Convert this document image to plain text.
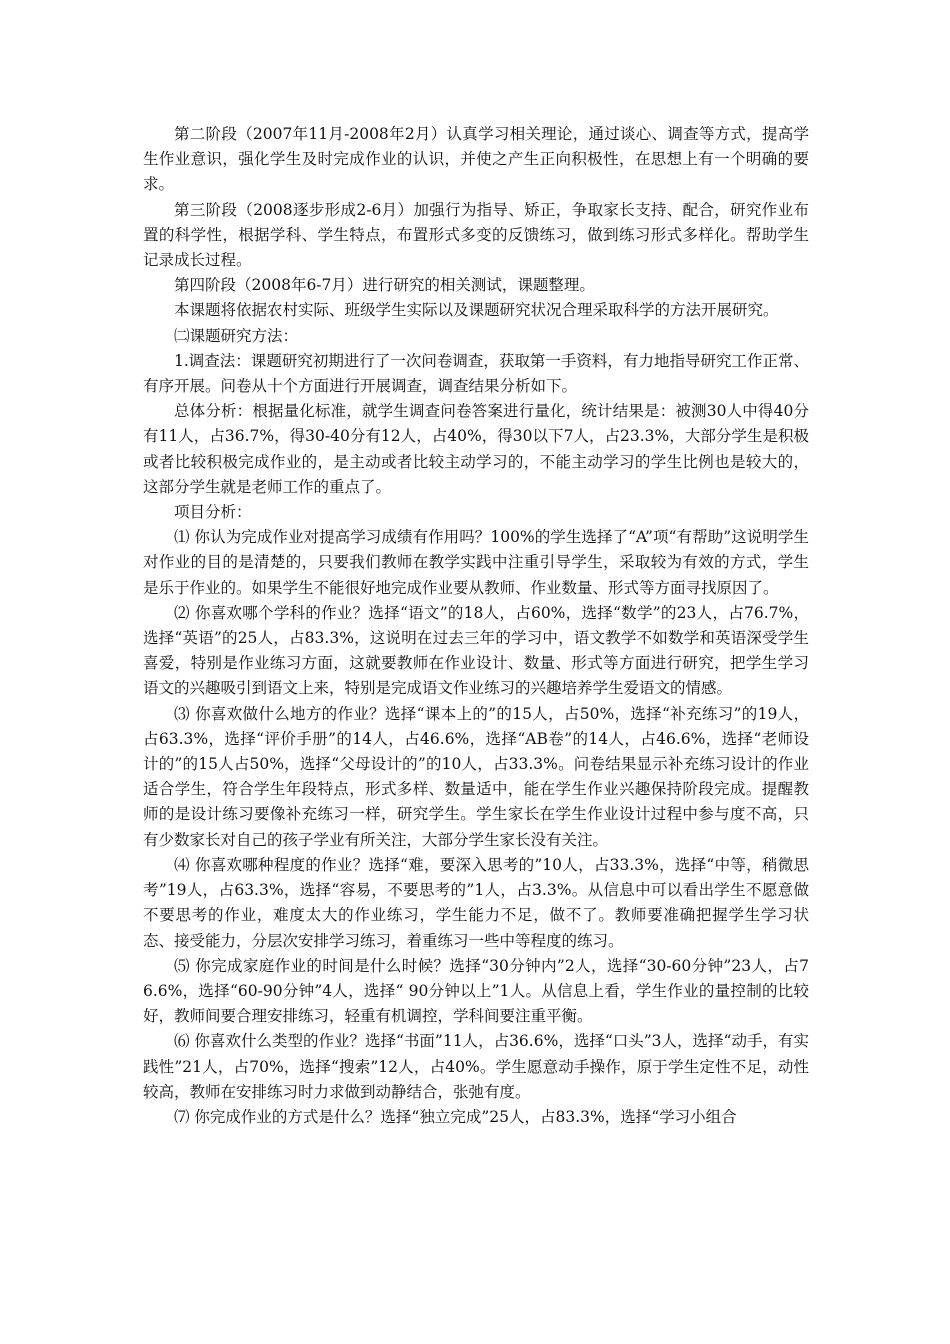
第二阶段（2007年11月-2008年2月）认真学习相关理论，通过谈心、调查等方式，提高学生作业意识，强化学生及时完成作业的认识，并使之产生正向积极性，在思想上有一个明确的要求。

第三阶段（2008逐步形成2-6月）加强行为指导、矫正，争取家长支持、配合，研究作业布置的科学性，根据学科、学生特点，布置形式多变的反馈练习，做到练习形式多样化。帮助学生记录成长过程。

第四阶段（2008年6-7月）进行研究的相关测试，课题整理。

本课题将依据农村实际、班级学生实际以及课题研究状况合理采取科学的方法开展研究。

㈡课题研究方法：

1.调查法：课题研究初期进行了一次问卷调查，获取第一手资料，有力地指导研究工作正常、有序开展。问卷从十个方面进行开展调查，调查结果分析如下。

总体分析：根据量化标准，就学生调查问卷答案进行量化，统计结果是：被测30人中得40分有11人，占36.7%，得30-40分有12人，占40%，得30以下7人，占23.3%，大部分学生是积极或者比较积极完成作业的，是主动或者比较主动学习的，不能主动学习的学生比例也是较大的，这部分学生就是老师工作的重点了。

项目分析：

⑴ 你认为完成作业对提高学习成绩有作用吗？100%的学生选择了“A”项“有帮助”这说明学生对作业的目的是清楚的，只要我们教师在教学实践中注重引导学生，采取较为有效的方式，学生是乐于作业的。如果学生不能很好地完成作业要从教师、作业数量、形式等方面寻找原因了。

⑵ 你喜欢哪个学科的作业？选择“语文”的18人，占60%，选择“数学”的23人，占76.7%，选择“英语”的25人，占83.3%，这说明在过去三年的学习中，语文教学不如数学和英语深受学生喜爱，特别是作业练习方面，这就要教师在作业设计、数量、形式等方面进行研究，把学生学习语文的兴趣吸引到语文上来，特别是完成语文作业练习的兴趣培养学生爱语文的情感。

⑶ 你喜欢做什么地方的作业？选择“课本上的”的15人，占50%，选择“补充练习”的19人，占63.3%，选择“评价手册”的14人，占46.6%，选择“AB卷”的14人，占46.6%，选择“老师设计的”的15人占50%，选择“父母设计的”的10人，占33.3%。问卷结果显示补充练习设计的作业适合学生，符合学生年段特点，形式多样、数量适中，能在学生作业兴趣保持阶段完成。提醒教师的是设计练习要像补充练习一样，研究学生。学生家长在学生作业设计过程中参与度不高，只有少数家长对自己的孩子学业有所关注，大部分学生家长没有关注。

⑷ 你喜欢哪种程度的作业？选择“难，要深入思考的”10人，占33.3%，选择“中等，稍微思考”19人，占63.3%，选择“容易，不要思考的”1人，占3.3%。从信息中可以看出学生不愿意做不要思考的作业，难度太大的作业练习，学生能力不足，做不了。教师要准确把握学生学习状态、接受能力，分层次安排学习练习，着重练习一些中等程度的练习。

⑸ 你完成家庭作业的时间是什么时候？选择“30分钟内”2人，选择“30-60分钟”23人，占76.6%，选择“60-90分钟”4人，选择“ 90分钟以上”1人。从信息上看，学生作业的量控制的比较好，教师间要合理安排练习，轻重有机调控，学科间要注重平衡。

⑹ 你喜欢什么类型的作业？选择“书面”11人，占36.6%，选择“口头”3人，选择“动手，有实践性”21人，占70%，选择“搜索”12人，占40%。学生愿意动手操作，原于学生定性不足，动性较高，教师在安排练习时力求做到动静结合，张弛有度。

⑺ 你完成作业的方式是什么？选择“独立完成”25人，占83.3%，选择“学习小组合
